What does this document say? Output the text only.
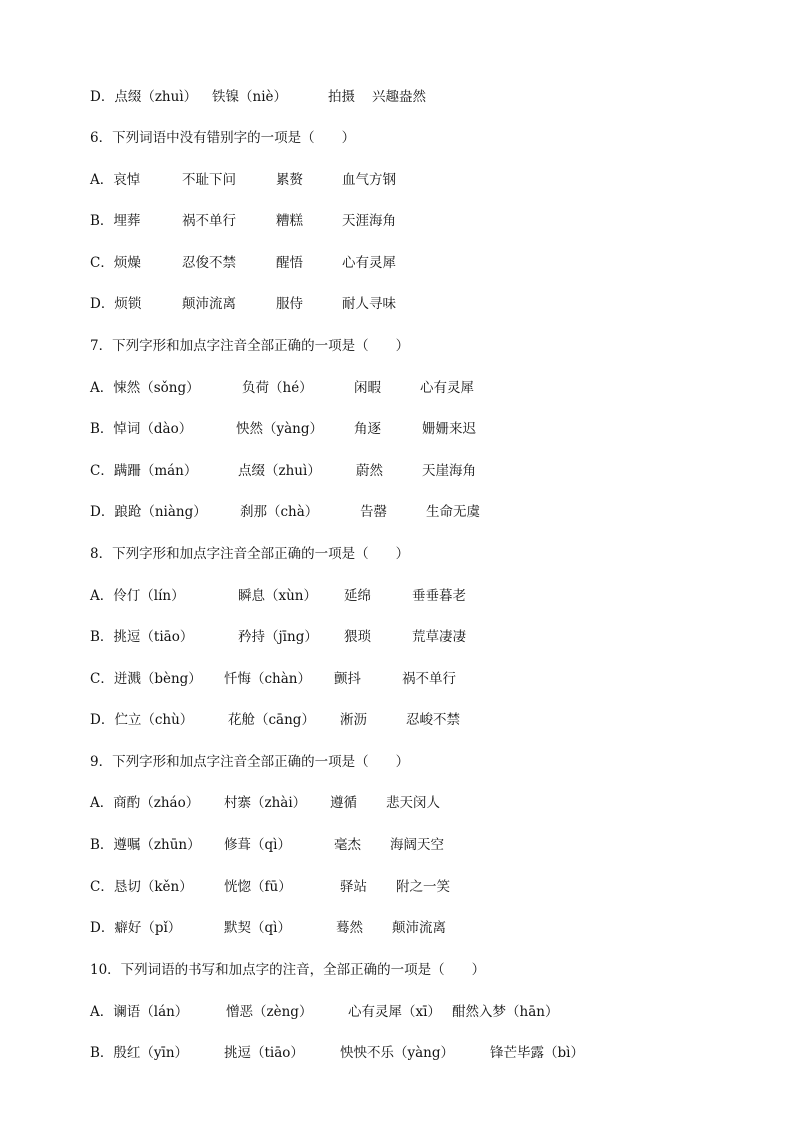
D．点缀（zhuì） 铁镍（niè）	拍摄 兴趣盎然
6．下列词语中没有错别字的一项是（　　）
A．哀悼	不耻下问	累赘	血气方钢
B．埋葬	祸不单行	糟糕	天涯海角
C．烦燥	忍俊不禁	醒悟	心有灵犀
D．烦锁	颠沛流离	服侍	耐人寻味
7．下列字形和加点字注音全部正确的一项是（　　）
A．悚然（sǒng）	负荷（hé）	闲暇	心有灵犀
B．悼词（dào）	怏然（yàng） 角逐	姗姗来迟
C．蹒跚（mán）	点缀（zhuì）	蔚然	天崖海角
D．踉跄（niàng） 刹那（chà）	告罄	生命无虞
8．下列字形和加点字注音全部正确的一项是（　　）
A．伶仃（lín）	瞬息（xùn） 延绵	垂垂暮老
B．挑逗（tiāo）	矜持（jīng） 猥琐	荒草凄凄
C．迸溅（bèng） 忏悔（chàn） 颤抖	祸不单行
D．伫立（chù）	花舱（cāng） 淅沥	忍峻不禁
9．下列字形和加点字注音全部正确的一项是（　　）
A．商酌（zháo） 村寨（zhài） 遵循 悲天闵人
B．遵嘱（zhūn） 修葺（qì）	毫杰 海阔天空
C．恳切（kěn） 恍惚（fū）	驿站 附之一笑
D．癖好（pǐ）	默契（qì）	蓦然 颠沛流离
10．下列词语的书写和加点字的注音，全部正确的一项是（　　）
A．谰语（lán）	憎恶（zèng）	心有灵犀（xī） 酣然入梦（hān）
B．殷红（yīn）	挑逗（tiāo）	怏怏不乐（yàng）	锋芒毕露（bì）
